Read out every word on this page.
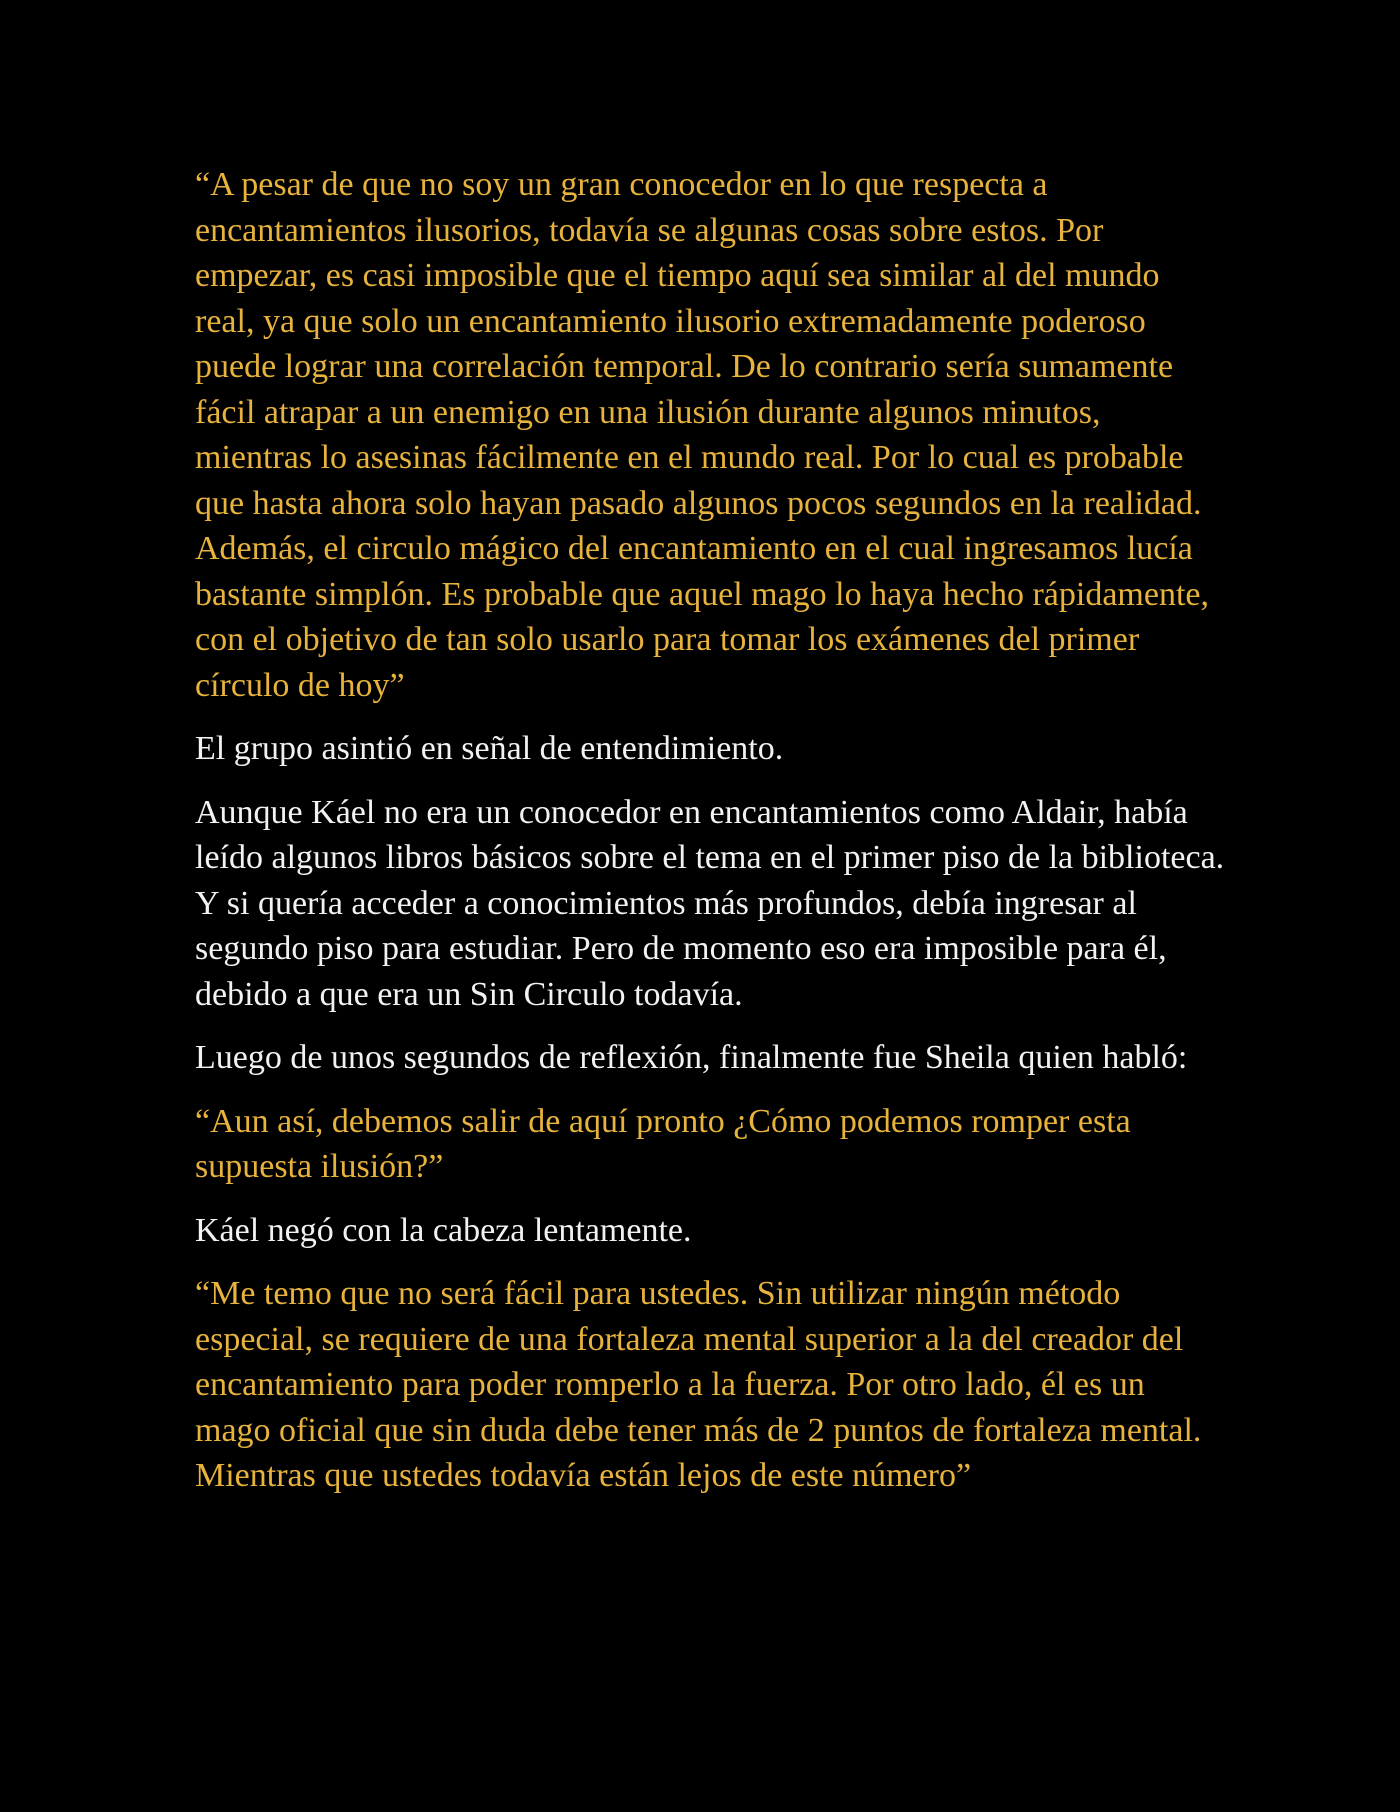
“A pesar de que no soy un gran conocedor en lo que respecta a encantamientos ilusorios, todavía se algunas cosas sobre estos. Por empezar, es casi imposible que el tiempo aquí sea similar al del mundo real, ya que solo un encantamiento ilusorio extremadamente poderoso puede lograr una correlación temporal. De lo contrario sería sumamente fácil atrapar a un enemigo en una ilusión durante algunos minutos, mientras lo asesinas fácilmente en el mundo real. Por lo cual es probable que hasta ahora solo hayan pasado algunos pocos segundos en la realidad. Además, el circulo mágico del encantamiento en el cual ingresamos lucía bastante simplón. Es probable que aquel mago lo haya hecho rápidamente, con el objetivo de tan solo usarlo para tomar los exámenes del primer círculo de hoy”

El grupo asintió en señal de entendimiento.

Aunque Káel no era un conocedor en encantamientos como Aldair, había leído algunos libros básicos sobre el tema en el primer piso de la biblioteca. Y si quería acceder a conocimientos más profundos, debía ingresar al segundo piso para estudiar. Pero de momento eso era imposible para él, debido a que era un Sin Circulo todavía.

Luego de unos segundos de reflexión, finalmente fue Sheila quien habló:

“Aun así, debemos salir de aquí pronto ¿Cómo podemos romper esta supuesta ilusión?”

Káel negó con la cabeza lentamente.

“Me temo que no será fácil para ustedes. Sin utilizar ningún método especial, se requiere de una fortaleza mental superior a la del creador del encantamiento para poder romperlo a la fuerza. Por otro lado, él es un mago oficial que sin duda debe tener más de 2 puntos de fortaleza mental. Mientras que ustedes todavía están lejos de este número”
